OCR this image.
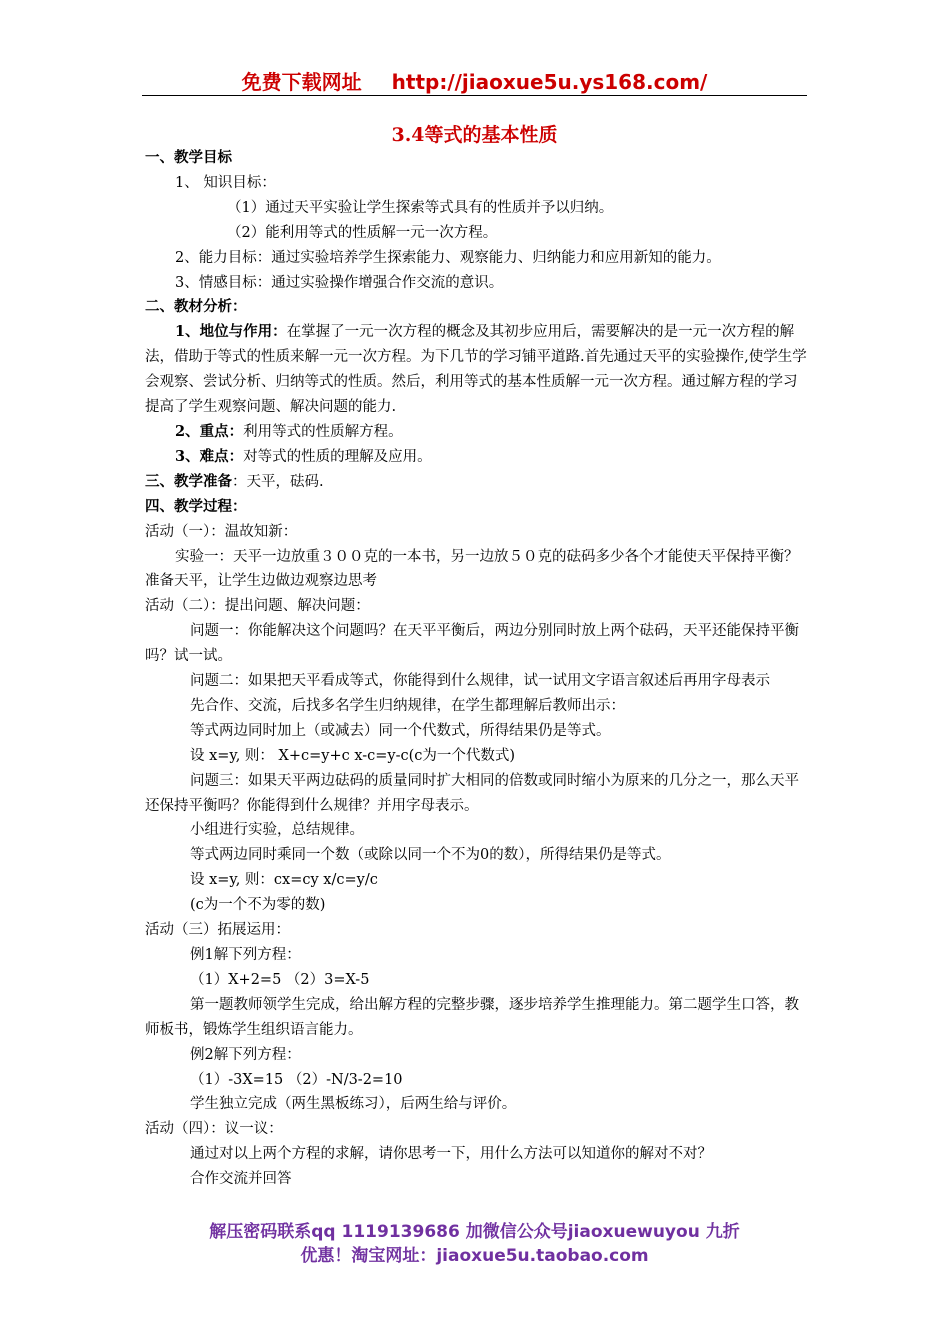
免费下载网址 http://jiaoxue5u.ys168.com/
3.4等式的基本性质

一、教学目标

1、 知识目标：

（1）通过天平实验让学生探索等式具有的性质并予以归纳。

（2）能利用等式的性质解一元一次方程。

2、能力目标：通过实验培养学生探索能力、观察能力、归纳能力和应用新知的能力。

3、情感目标：通过实验操作增强合作交流的意识。

二、教材分析：

1、地位与作用：在掌握了一元一次方程的概念及其初步应用后，需要解决的是一元一次方程的解法，借助于等式的性质来解一元一次方程。为下几节的学习铺平道路.首先通过天平的实验操作,使学生学会观察、尝试分析、归纳等式的性质。然后，利用等式的基本性质解一元一次方程。通过解方程的学习提高了学生观察问题、解决问题的能力.

2、重点：利用等式的性质解方程。

3、难点：对等式的性质的理解及应用。

三、教学准备：天平，砝码.

四、教学过程：

活动（一）：温故知新：

实验一：天平一边放重３００克的一本书，另一边放５０克的砝码多少各个才能使天平保持平衡？准备天平，让学生边做边观察边思考

活动（二）：提出问题、解决问题：

问题一：你能解决这个问题吗？在天平平衡后，两边分别同时放上两个砝码，天平还能保持平衡吗？试一试。

问题二：如果把天平看成等式，你能得到什么规律，试一试用文字语言叙述后再用字母表示

先合作、交流，后找多名学生归纳规律，在学生都理解后教师出示：

等式两边同时加上（或减去）同一个代数式，所得结果仍是等式。

设 x=y, 则： X+c=y+c x-c=y-c(c为一个代数式)

问题三：如果天平两边砝码的质量同时扩大相同的倍数或同时缩小为原来的几分之一，那么天平还保持平衡吗？你能得到什么规律？并用字母表示。

小组进行实验，总结规律。

等式两边同时乘同一个数（或除以同一个不为0的数），所得结果仍是等式。

设 x=y, 则：cx=cy x/c=y/c

(c为一个不为零的数)

活动（三）拓展运用：

例1解下列方程：

（1）X+2=5 （2）3=X-5

第一题教师领学生完成，给出解方程的完整步骤，逐步培养学生推理能力。第二题学生口答，教师板书，锻炼学生组织语言能力。

例2解下列方程：

（1）-3X=15 （2）-N/3-2=10

学生独立完成（两生黑板练习），后两生给与评价。

活动（四）：议一议：

通过对以上两个方程的求解，请你思考一下，用什么方法可以知道你的解对不对？

合作交流并回答

解压密码联系qq 1119139686 加微信公众号jiaoxuewuyou 九折
优惠！淘宝网址：jiaoxue5u.taobao.com
